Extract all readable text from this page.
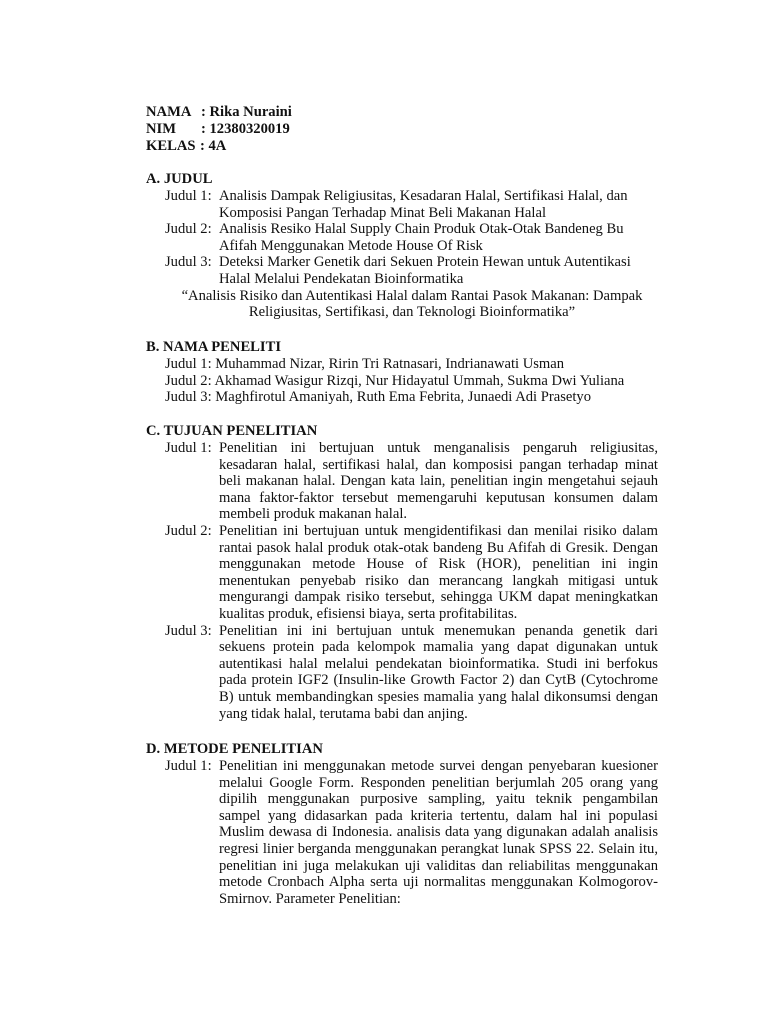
NAMA : Rika Nuraini
NIM : 12380320019
KELAS : 4A
A. JUDUL
Judul 1: Analisis Dampak Religiusitas, Kesadaran Halal, Sertifikasi Halal, dan Komposisi Pangan Terhadap Minat Beli Makanan Halal
Judul 2: Analisis Resiko Halal Supply Chain Produk Otak-Otak Bandeneg Bu Afifah Menggunakan Metode House Of Risk
Judul 3: Deteksi Marker Genetik dari Sekuen Protein Hewan untuk Autentikasi Halal Melalui Pendekatan Bioinformatika
“Analisis Risiko dan Autentikasi Halal dalam Rantai Pasok Makanan: Dampak Religiusitas, Sertifikasi, dan Teknologi Bioinformatika”
B. NAMA PENELITI
Judul 1: Muhammad Nizar, Ririn Tri Ratnasari, Indrianawati Usman
Judul 2: Akhamad Wasigur Rizqi, Nur Hidayatul Ummah, Sukma Dwi Yuliana
Judul 3: Maghfirotul Amaniyah, Ruth Ema Febrita, Junaedi Adi Prasetyo
C. TUJUAN PENELITIAN
Judul 1: Penelitian ini bertujuan untuk menganalisis pengaruh religiusitas, kesadaran halal, sertifikasi halal, dan komposisi pangan terhadap minat beli makanan halal. Dengan kata lain, penelitian ingin mengetahui sejauh mana faktor-faktor tersebut memengaruhi keputusan konsumen dalam membeli produk makanan halal.
Judul 2: Penelitian ini bertujuan untuk mengidentifikasi dan menilai risiko dalam rantai pasok halal produk otak-otak bandeng Bu Afifah di Gresik. Dengan menggunakan metode House of Risk (HOR), penelitian ini ingin menentukan penyebab risiko dan merancang langkah mitigasi untuk mengurangi dampak risiko tersebut, sehingga UKM dapat meningkatkan kualitas produk, efisiensi biaya, serta profitabilitas.
Judul 3: Penelitian ini ini bertujuan untuk menemukan penanda genetik dari sekuens protein pada kelompok mamalia yang dapat digunakan untuk autentikasi halal melalui pendekatan bioinformatika. Studi ini berfokus pada protein IGF2 (Insulin-like Growth Factor 2) dan CytB (Cytochrome B) untuk membandingkan spesies mamalia yang halal dikonsumsi dengan yang tidak halal, terutama babi dan anjing.
D. METODE PENELITIAN
Judul 1: Penelitian ini menggunakan metode survei dengan penyebaran kuesioner melalui Google Form. Responden penelitian berjumlah 205 orang yang dipilih menggunakan purposive sampling, yaitu teknik pengambilan sampel yang didasarkan pada kriteria tertentu, dalam hal ini populasi Muslim dewasa di Indonesia. analisis data yang digunakan adalah analisis regresi linier berganda menggunakan perangkat lunak SPSS 22. Selain itu, penelitian ini juga melakukan uji validitas dan reliabilitas menggunakan metode Cronbach Alpha serta uji normalitas menggunakan Kolmogorov-Smirnov. Parameter Penelitian:
